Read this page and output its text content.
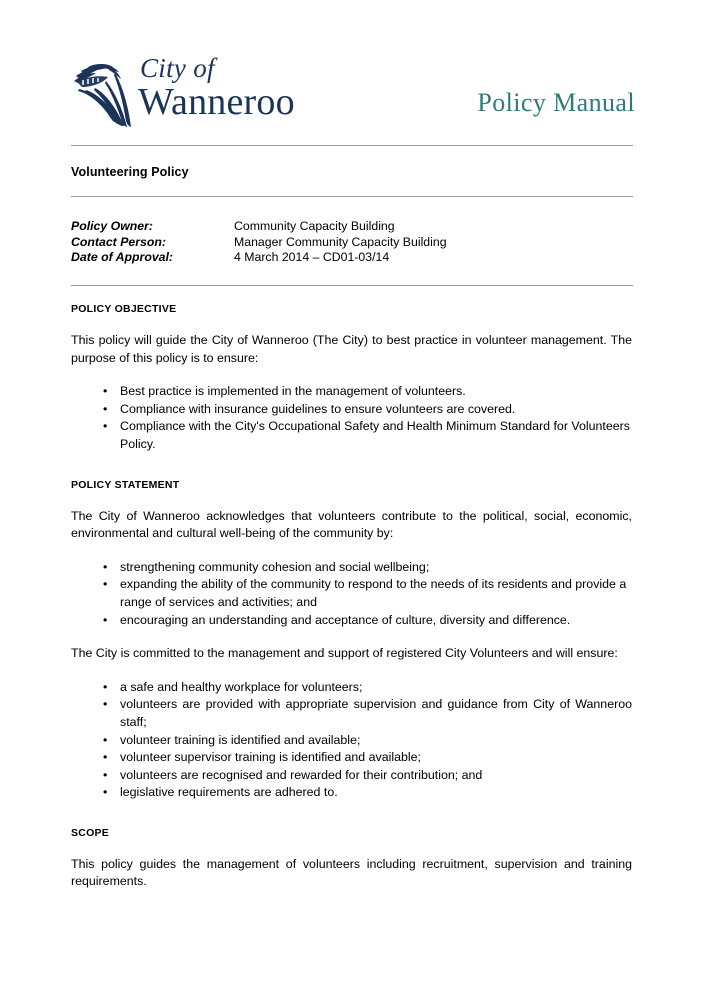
City of
Wanneroo	Policy Manual
Volunteering Policy
Policy Owner:	Community Capacity Building
Contact Person:	Manager Community Capacity Building
Date of Approval:	4 March 2014 – CD01-03/14
POLICY OBJECTIVE

This policy will guide the City of Wanneroo (The City) to best practice in volunteer management. The purpose of this policy is to ensure:

• Best practice is implemented in the management of volunteers.
• Compliance with insurance guidelines to ensure volunteers are covered.
• Compliance with the City's Occupational Safety and Health Minimum Standard for Volunteers Policy.
POLICY STATEMENT

The City of Wanneroo acknowledges that volunteers contribute to the political, social, economic, environmental and cultural well-being of the community by:

• strengthening community cohesion and social wellbeing;
• expanding the ability of the community to respond to the needs of its residents and provide a range of services and activities; and
• encouraging an understanding and acceptance of culture, diversity and difference.

The City is committed to the management and support of registered City Volunteers and will ensure:

• a safe and healthy workplace for volunteers;
• volunteers are provided with appropriate supervision and guidance from City of Wanneroo staff;
• volunteer training is identified and available;
• volunteer supervisor training is identified and available;
• volunteers are recognised and rewarded for their contribution; and
• legislative requirements are adhered to.
SCOPE

This policy guides the management of volunteers including recruitment, supervision and training requirements.
